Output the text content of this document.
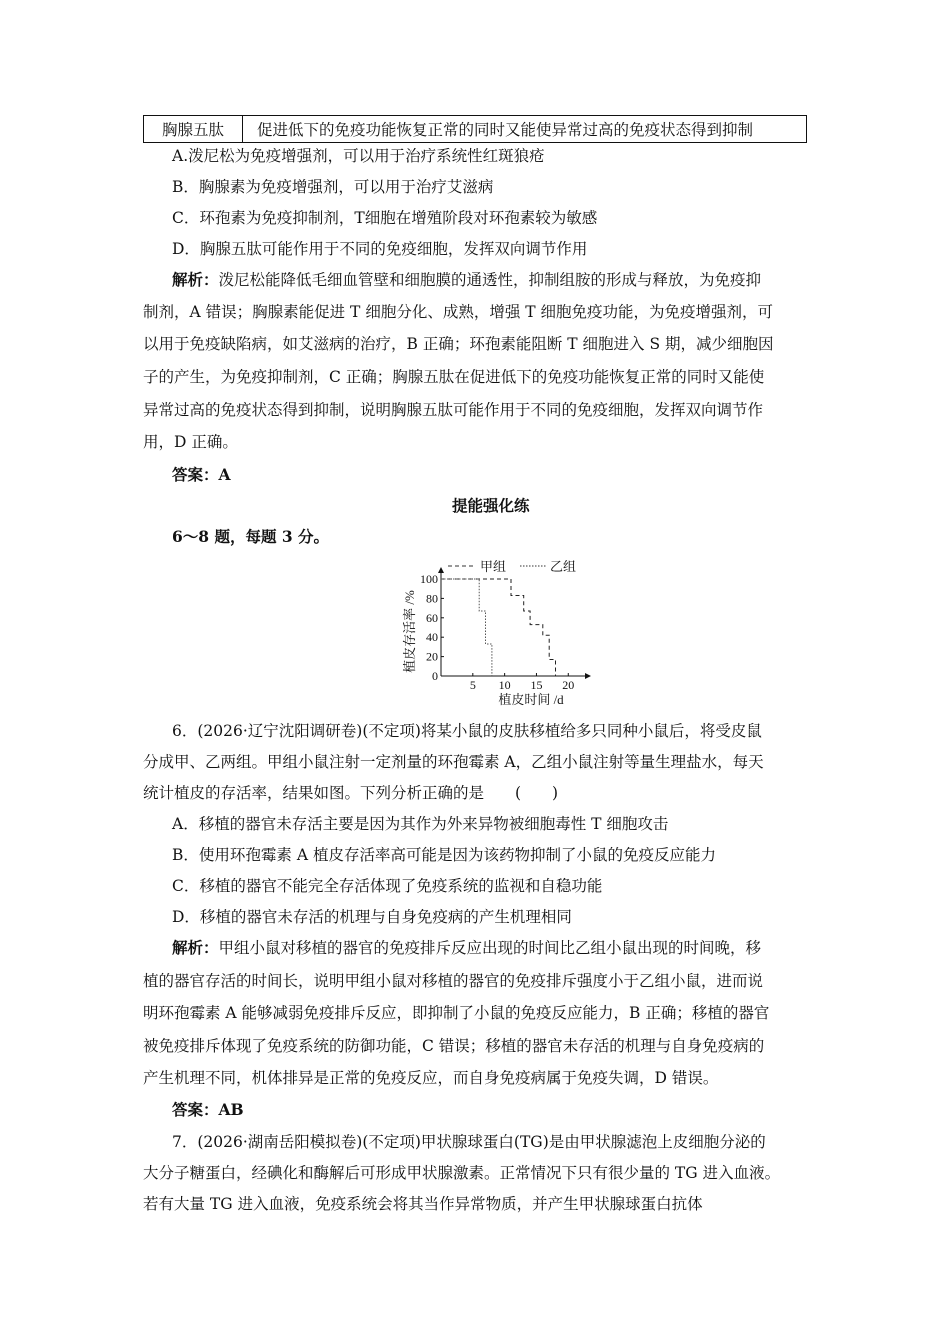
胸腺五肽	促进低下的免疫功能恢复正常的同时又能使异常过高的免疫状态得到抑制
A.泼尼松为免疫增强剂，可以用于治疗系统性红斑狼疮
B．胸腺素为免疫增强剂，可以用于治疗艾滋病
C．环孢素为免疫抑制剂，T细胞在增殖阶段对环孢素较为敏感
D．胸腺五肽可能作用于不同的免疫细胞，发挥双向调节作用
解析：泼尼松能降低毛细血管壁和细胞膜的通透性，抑制组胺的形成与释放，为免疫抑
制剂，A 错误；胸腺素能促进 T 细胞分化、成熟，增强 T 细胞免疫功能，为免疫增强剂，可
以用于免疫缺陷病，如艾滋病的治疗，B 正确；环孢素能阻断 T 细胞进入 S 期，减少细胞因
子的产生，为免疫抑制剂，C 正确；胸腺五肽在促进低下的免疫功能恢复正常的同时又能使
异常过高的免疫状态得到抑制，说明胸腺五肽可能作用于不同的免疫细胞，发挥双向调节作
用，D 正确。
答案：A
提能强化练
6～8 题，每题 3 分。
5 10 15 20
0
20
40
60
80
100
植皮时间 /d
植皮存活率 /%
甲组	乙组
6．(2026·辽宁沈阳调研卷)(不定项)将某小鼠的皮肤移植给多只同种小鼠后，将受皮鼠
分成甲、乙两组。甲组小鼠注射一定剂量的环孢霉素 A，乙组小鼠注射等量生理盐水，每天
统计植皮的存活率，结果如图。下列分析正确的是　　(　　)
A．移植的器官未存活主要是因为其作为外来异物被细胞毒性 T 细胞攻击
B．使用环孢霉素 A 植皮存活率高可能是因为该药物抑制了小鼠的免疫反应能力
C．移植的器官不能完全存活体现了免疫系统的监视和自稳功能
D．移植的器官未存活的机理与自身免疫病的产生机理相同
解析：甲组小鼠对移植的器官的免疫排斥反应出现的时间比乙组小鼠出现的时间晚，移
植的器官存活的时间长，说明甲组小鼠对移植的器官的免疫排斥强度小于乙组小鼠，进而说
明环孢霉素 A 能够减弱免疫排斥反应，即抑制了小鼠的免疫反应能力，B 正确；移植的器官
被免疫排斥体现了免疫系统的防御功能，C 错误；移植的器官未存活的机理与自身免疫病的
产生机理不同，机体排异是正常的免疫反应，而自身免疫病属于免疫失调，D 错误。
答案：AB
7．(2026·湖南岳阳模拟卷)(不定项)甲状腺球蛋白(TG)是由甲状腺滤泡上皮细胞分泌的
大分子糖蛋白，经碘化和酶解后可形成甲状腺激素。正常情况下只有很少量的 TG 进入血液。
若有大量 TG 进入血液，免疫系统会将其当作异常物质，并产生甲状腺球蛋白抗体
